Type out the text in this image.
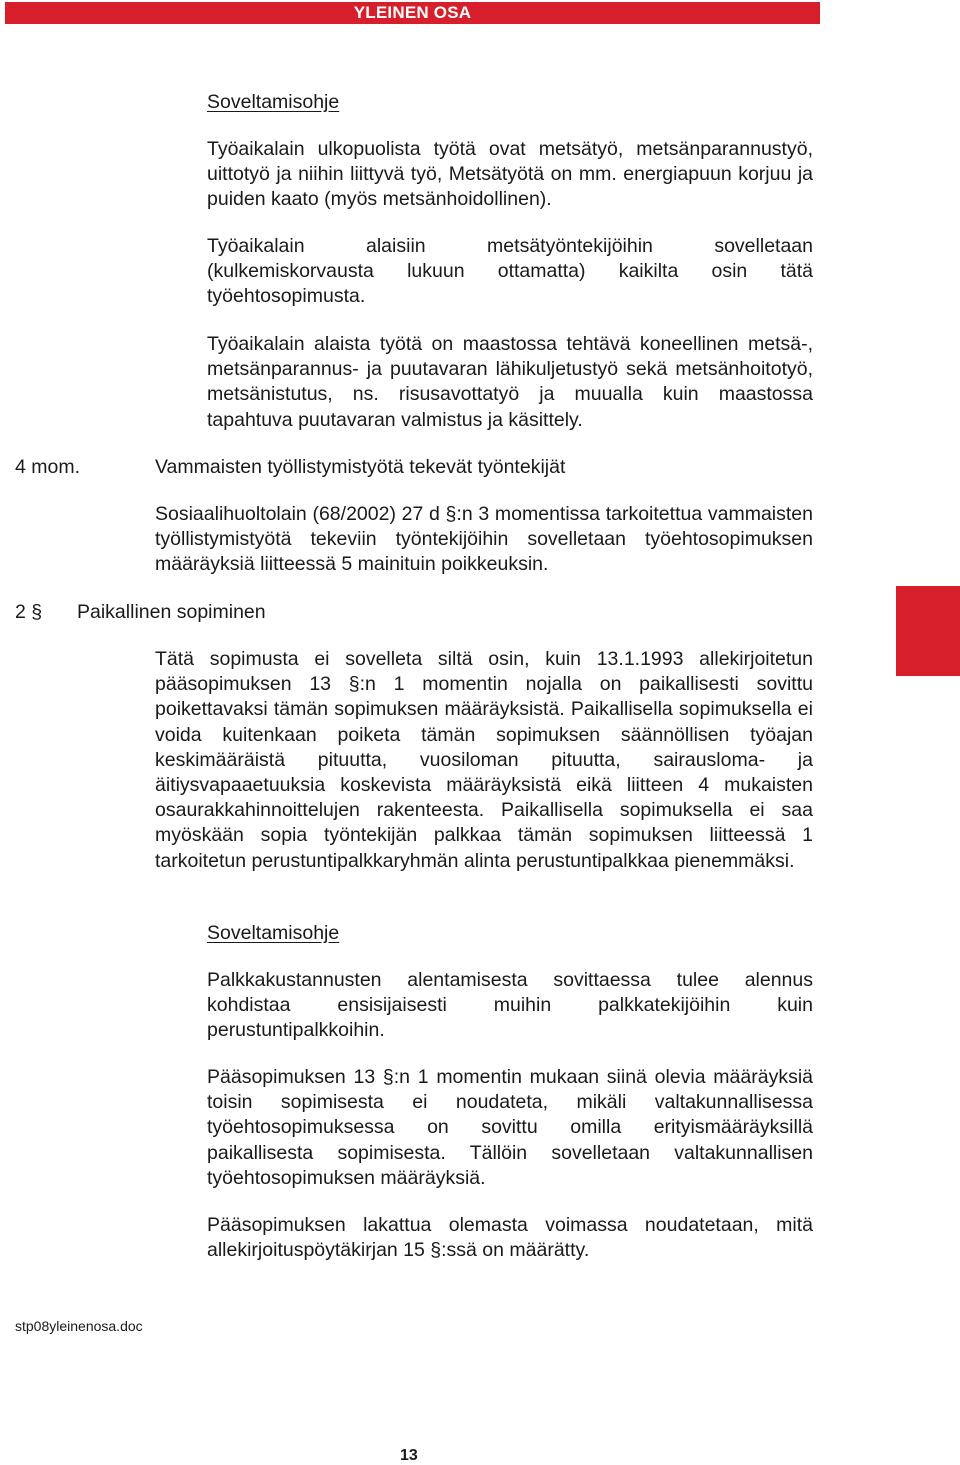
YLEINEN OSA

Soveltamisohje

Työaikalain ulkopuolista työtä ovat metsätyö, metsänparannustyö, uittotyö ja niihin liittyvä työ, Metsätyötä on mm. energiapuun korjuu ja puiden kaato (myös metsänhoidollinen).

Työaikalain alaisiin metsätyöntekijöihin sovelletaan (kulkemiskorvausta lukuun ottamatta) kaikilta osin tätä työehtosopimusta.

Työaikalain alaista työtä on maastossa tehtävä koneellinen metsä-, metsänparannus- ja puutavaran lähikuljetustyö sekä metsänhoitotyö, metsänistutus, ns. risusavottatyö ja muualla kuin maastossa tapahtuva puutavaran valmistus ja käsittely.

4 mom.	Vammaisten työllistymistyötä tekevät työntekijät

Sosiaalihuoltolain (68/2002) 27 d §:n 3 momentissa tarkoitettua vammaisten työllistymistyötä tekeviin työntekijöihin sovelletaan työehtosopimuksen määräyksiä liitteessä 5 mainituin poikkeuksin.

2 § Paikallinen sopiminen

Tätä sopimusta ei sovelleta siltä osin, kuin 13.1.1993 allekirjoitetun pääsopimuksen 13 §:n 1 momentin nojalla on paikallisesti sovittu poikettavaksi tämän sopimuksen määräyksistä. Paikallisella sopimuksella ei voida kuitenkaan poiketa tämän sopimuksen säännöllisen työajan keskimääräistä pituutta, vuosiloman pituutta, sairausloma- ja äitiysvapaaetuuksia koskevista määräyksistä eikä liitteen 4 mukaisten osaurakkahinnoittelujen rakenteesta. Paikallisella sopimuksella ei saa myöskään sopia työntekijän palkkaa tämän sopimuksen liitteessä 1 tarkoitetun perustuntipalkkaryhmän alinta perustuntipalkkaa pienemmäksi.

Soveltamisohje

Palkkakustannusten alentamisesta sovittaessa tulee alennus kohdistaa ensisijaisesti muihin palkkatekijöihin kuin perustuntipalkkoihin.

Pääsopimuksen 13 §:n 1 momentin mukaan siinä olevia määräyksiä toisin sopimisesta ei noudateta, mikäli valtakunnallisessa työehtosopimuksessa on sovittu omilla erityismääräyksillä paikallisesta sopimisesta. Tällöin sovelletaan valtakunnallisen työehtosopimuksen määräyksiä.

Pääsopimuksen lakattua olemasta voimassa noudatetaan, mitä allekirjoituspöytäkirjan 15 §:ssä on määrätty.

stp08yleinenosa.doc
13
